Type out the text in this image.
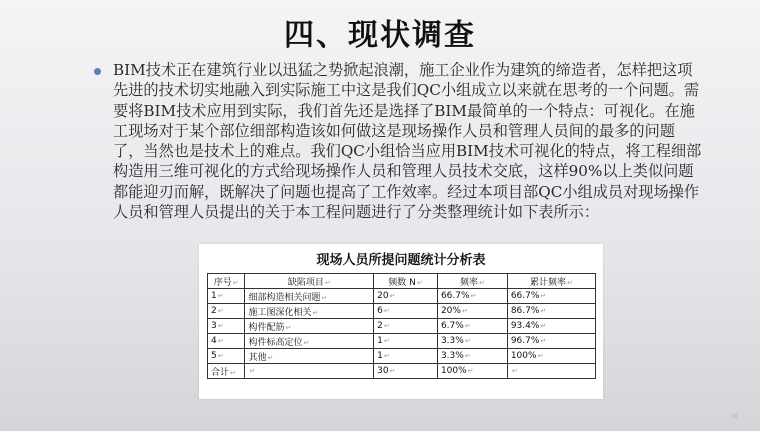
四、现状调查

BIM技术正在建筑行业以迅猛之势掀起浪潮，施工企业作为建筑的缔造者，怎样把这项先进的技术切实地融入到实际施工中这是我们QC小组成立以来就在思考的一个问题。需要将BIM技术应用到实际，我们首先还是选择了BIM最简单的一个特点：可视化。在施工现场对于某个部位细部构造该如何做这是现场操作人员和管理人员间的最多的问题了，当然也是技术上的难点。我们QC小组恰当应用BIM技术可视化的特点，将工程细部构造用三维可视化的方式给现场操作人员和管理人员技术交底，这样90%以上类似问题都能迎刃而解，既解决了问题也提高了工作效率。经过本项目部QC小组成员对现场操作人员和管理人员提出的关于本工程问题进行了分类整理统计如下表所示：

现场人员所提问题统计分析表
序号↵	缺陷项目↵	频数 N↵	频率↵	累计频率↵
1↵	细部构造相关问题↵	20↵	66.7%↵	66.7%↵
2↵	施工图深化相关↵	6↵	20%↵	86.7%↵
3↵	构件配筋↵	2↵	6.7%↵	93.4%↵
4↵	构件标高定位↵	1↵	3.3%↵	96.7%↵
5↵	其他↵	1↵	3.3%↵	100%↵
合计↵	↵	30↵	100%↵	↵
